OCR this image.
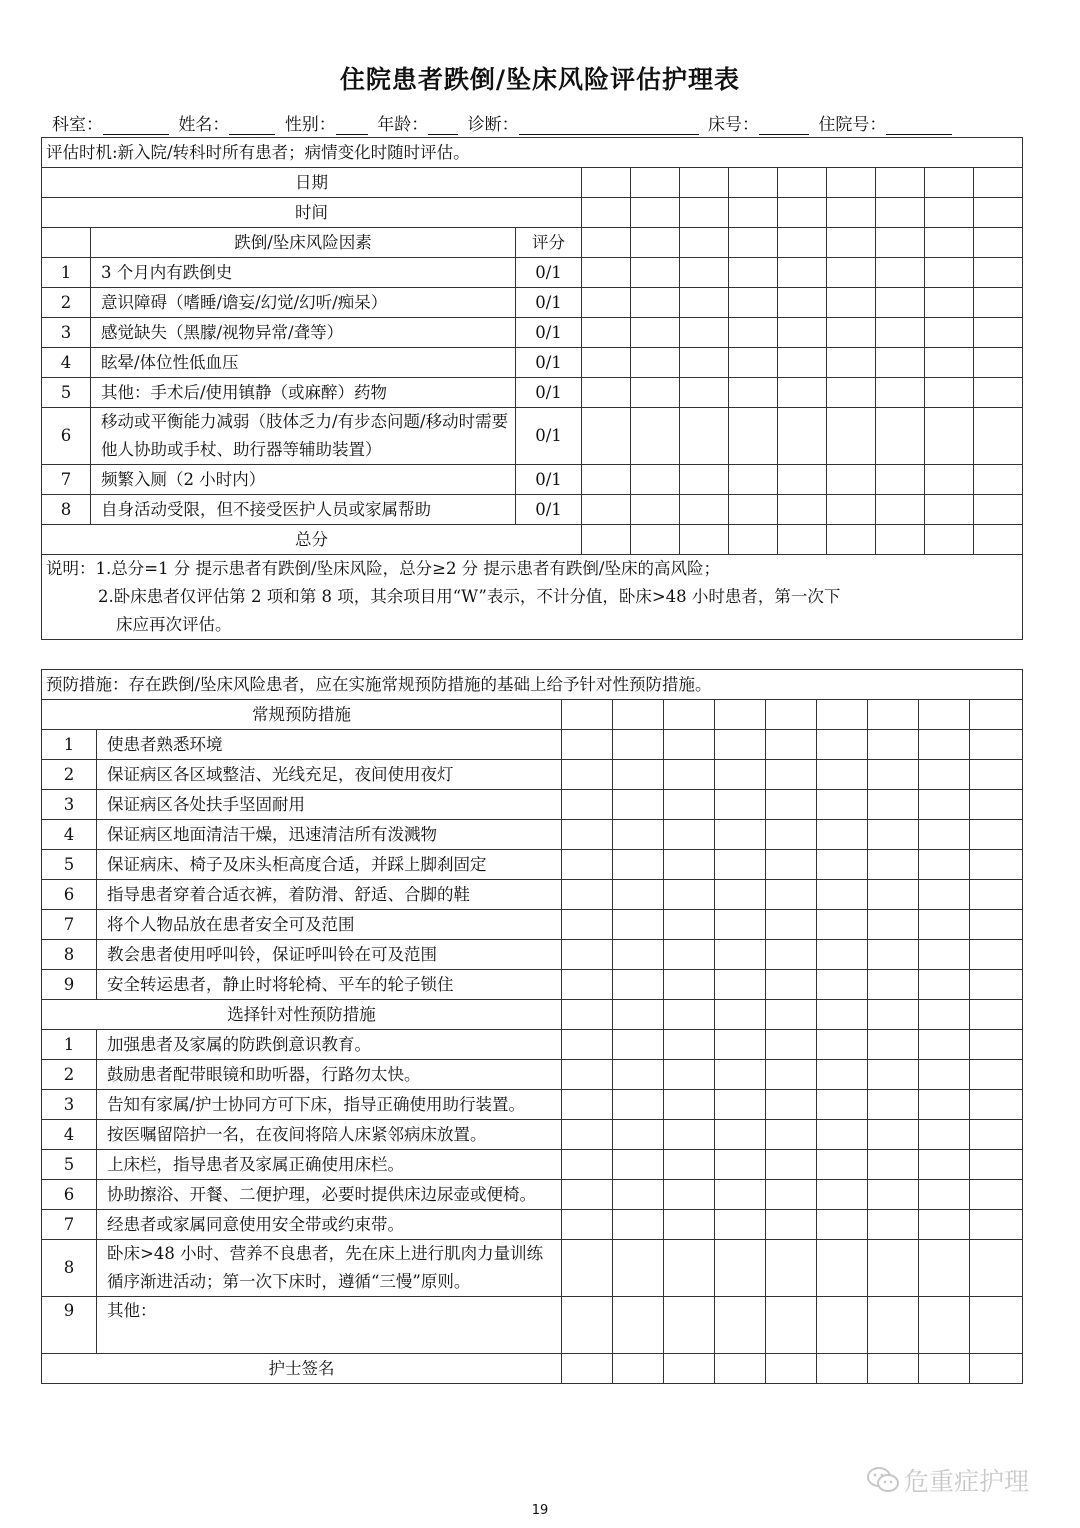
住院患者跌倒/坠床风险评估护理表
科室：	姓名：	性别： 年龄： 诊断：	床号：	住院号：
评估时机:新入院/转科时所有患者；病情变化时随时评估。											
日期											
时间											
	跌倒/坠床风险因素	评分									
1	3 个月内有跌倒史	0/1									
2	意识障碍（嗜睡/谵妄/幻觉/幻听/痴呆）	0/1									
3	感觉缺失（黑朦/视物异常/聋等）	0/1									
4	眩晕/体位性低血压	0/1									
5	其他：手术后/使用镇静（或麻醉）药物	0/1									
6	移动或平衡能力减弱（肢体乏力/有步态问题/移动时需要他人协助或手杖、助行器等辅助装置）	0/1									
7	频繁入厕（2 小时内）	0/1									
8	自身活动受限，但不接受医护人员或家属帮助	0/1									
总分											

说明：1.总分=1 分 提示患者有跌倒/坠床风险，总分≥2 分 提示患者有跌倒/坠床的高风险；
2.卧床患者仅评估第 2 项和第 8 项，其余项目用“W”表示，不计分值，卧床>48 小时患者，第一次下
床应再次评估。											
预防措施：存在跌倒/坠床风险患者，应在实施常规预防措施的基础上给予针对性预防措施。										
常规预防措施										
1	使患者熟悉环境									
2	保证病区各区域整洁、光线充足，夜间使用夜灯									
3	保证病区各处扶手坚固耐用									
4	保证病区地面清洁干燥，迅速清洁所有泼溅物									
5	保证病床、椅子及床头柜高度合适，并踩上脚刹固定									
6	指导患者穿着合适衣裤，着防滑、舒适、合脚的鞋									
7	将个人物品放在患者安全可及范围									
8	教会患者使用呼叫铃，保证呼叫铃在可及范围									
9	安全转运患者，静止时将轮椅、平车的轮子锁住									
选择针对性预防措施										
1	加强患者及家属的防跌倒意识教育。									
2	鼓励患者配带眼镜和助听器，行路勿太快。									
3	告知有家属/护士协同方可下床，指导正确使用助行装置。									
4	按医嘱留陪护一名，在夜间将陪人床紧邻病床放置。									
5	上床栏，指导患者及家属正确使用床栏。									
6	协助擦浴、开餐、二便护理，必要时提供床边尿壶或便椅。									
7	经患者或家属同意使用安全带或约束带。									
8	卧床>48 小时、营养不良患者，先在床上进行肌肉力量训练循序渐进活动；第一次下床时，遵循“三慢”原则。									
9	其他：									
护士签名										
危重症护理
19
